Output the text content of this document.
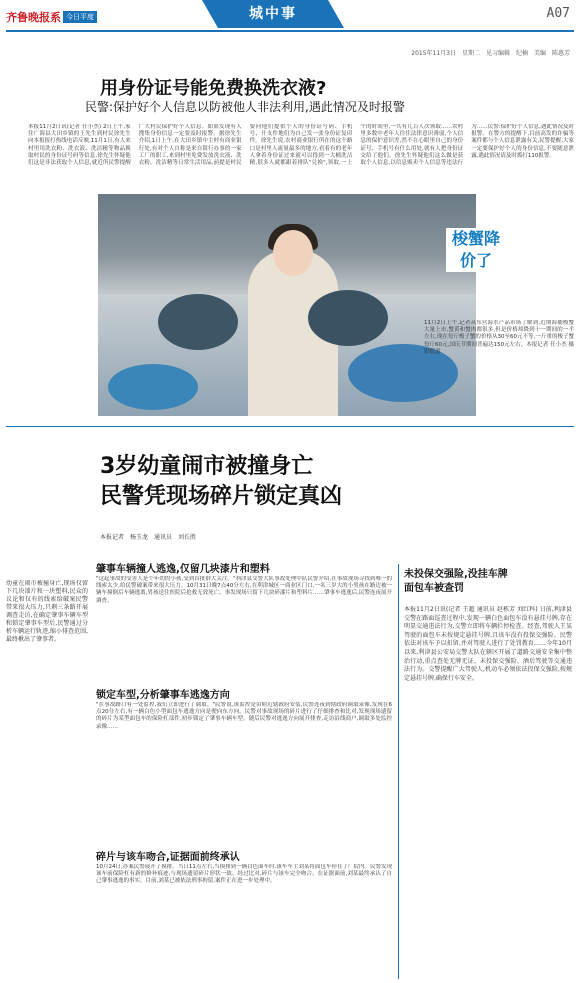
齐鲁晚报系 今日平度	城中事	A07
2015年11月3日　星期二　见习编辑　纪楠　美编　陈惠芳
用身份证号能免费换洗衣液?
民警:保护好个人信息以防被他人非法利用,遇此情况及时报警
本报11月2日讯(记者 任小杰) 2日上午,家住广海县大田乡镇的王先生到村民徐先生向本报报打热线电话反映,11月1日,有人来村里用洗衣粉、洗衣液、洗洁精等物品换取村民的身份证号码等信息,徐先生怀疑他们这是非法获取个人信息,就近所民警提醒广大村民保护好个人信息。如果发现有人搜集身份信息一定要及时报警。据徐先生介绍,1日上午,在大田乡镇中主村有商业银行处,有对个人自称是来自银行办事的一家工厂的职工,来到村里免费发放洗衣液、洗衣粉、洗洁精等日常生活用品,前提是村民要向他们提供个人的身份证号码、手机号、开支件地们为自己发一张身份证复印件。徐先生说,农村商业银行所在的这个路口是村里人流量最多的地方,看着有的老年人拿着身份证过来就可以得到一大桶洗洁精,很多人就都跟着排队"兑换",领取,一上午的时间里,一共有几百人次领取……农村里多数中老年人往往法律意识薄弱,个人信息的保护意识差,然不在心眼里自己的身份证号、手机号有什么用处,就有人把身份证交给了他们。徐先生怀疑他们这么做是获取个人信息,以信息贩卖个人信息等违法行为……民警:保护好个人信息,遇此情况及时报警。在警方的提醒下,目前高发的诈骗等案件都与个人信息泄露有关,民警提醒,大家一定要保护好个人的身份信息,不要随意泄露,遇此情况请及时拨打110报警。
梭蟹降价了
11月2日上午,记者从东营海水产品市场了解到,近期海捕梭蟹大量上市,蟹黄和蟹肉都很多,但是价格却降到十一期间的一半左右,现在每斤梭子蟹的价格从30至60元不等,一斤重的梭子蟹每斤60元,国庆节期间普遍达150元左右。本报记者 任小杰 摄影报道
3岁幼童闹市被撞身亡
民警凭现场碎片锁定真凶
本报记者　杨玉龙　通讯员　刘长胜
幼童在闹市被撞身亡,现场仅留下几块漆片和一块塑料,民众的议论和仅有的线索给破案民警带来很大压力,只剩三条路开展调查走访,在确定肇事车辆车型和锁定肇事车型后,民警通过分析车辆运行轨迹,缩小排查范围,最终揪出了肇事者。
肇事车辆撞人逃逸,仅留几块漆片和塑料
"这起事故的受害人是个年幼的小孩,受到首批群大关注。"利津县交警大队事故处理中队民警介绍,在事故现场寻找到唯一的线索太少,给民警破案带来很大压力。10月31日晚7点40分左右,在利津城区一商业区门口,一名三岁大的小男孩在路边被一辆车撞倒后车辆逃离,男孩送往医院后抢救无效死亡。事发现场只留下几块碎漆片和塑料片……肇事车逃逸后,民警连夜展开调查。
锁定车型,分析肇事车逃逸方向
"在事故路口有一处监控,我们立即进行了调取。"民警说,该监控是由附近辖政府安装,民警连夜到辖政府调取录像,发现在6点20分左右,有一辆白色小型面包车逃逸方向是驶向东方向。民警对事故现场的碎片进行了仔细排查和比对,发现现场遗留的碎片为某型面包车的保险杠部件,初步锁定了肇事车辆车型。随后民警对逃逸方向展开排查,走访沿线商户,调取多处监控录像……
碎片与该车吻合,证据面前终承认
10月24日,办案民警展开了摸排。当日11点左右,当摸排到一辆白色面车时,该车车主刘某将面包车停在了厂院内。民警发现该车前保险杠有新的修补痕迹,与现场遗留碎片形状一致。经过比对,碎片与该车完全吻合。在证据面前,刘某最终承认了自己肇事逃逸的事实。目前,刘某已被依法刑事拘留,案件正在进一步处理中。
未投保交强险,没挂车牌
面包车被查罚
本报11月2日讯(记者 王超 通讯员 赵栋芳 刘红科) 日前,利津县交警在路面巡查过程中,发现一辆白色面包车没有悬挂号牌,存在明显交通违法行为,交警立即将车辆拦停检查。经查,驾驶人王某驾驶的面包车未按规定悬挂号牌,且该车没有投保交强险。民警依法对该车予以扣留,并对驾驶人进行了处罚教育……今年10月以来,利津县公安局交警大队在辖区开展了道路交通安全集中整治行动,重点查处无牌无证、未投保交强险、酒后驾驶等交通违法行为。交警提醒广大驾驶人,机动车必须依法投保交强险,按规定悬挂号牌,确保行车安全。
